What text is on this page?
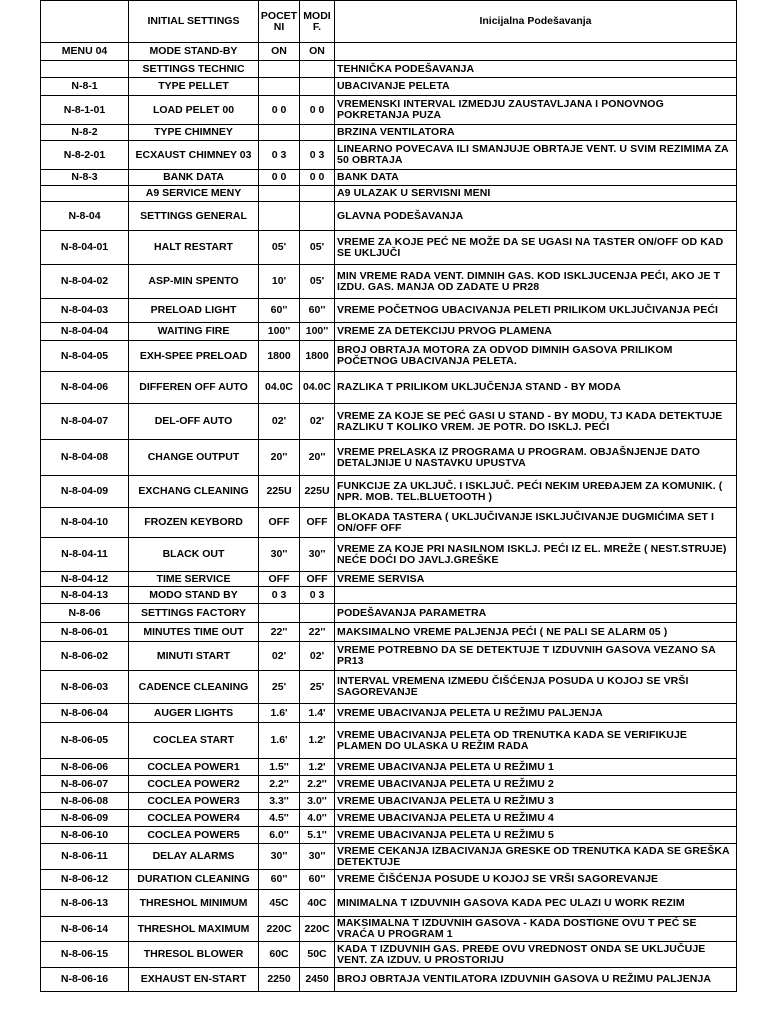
	INITIAL SETTINGS	POCETNI	MODIF.	Inicijalna Podešavanja
MENU 04	MODE STAND-BY	ON	ON	
	SETTINGS TECHNIC			TEHNIČKA PODEŠAVANJA
N-8-1	TYPE PELLET			UBACIVANJE PELETA
N-8-1-01	LOAD PELET 00	0 0	0 0	VREMENSKI INTERVAL IZMEDJU ZAUSTAVLJANA I PONOVNOG POKRETANJA PUZA
N-8-2	TYPE CHIMNEY			BRZINA VENTILATORA
N-8-2-01	ECXAUST CHIMNEY 03	0 3	0 3	LINEARNO POVECAVA ILI SMANJUJE OBRTAJE VENT. U SVIM REZIMIMA ZA 50 OBRTAJA
N-8-3	BANK DATA	0 0	0 0	BANK DATA
	A9 SERVICE MENY			A9 ULAZAK U SERVISNI MENI
N-8-04	SETTINGS GENERAL			GLAVNA PODEŠAVANJA
N-8-04-01	HALT RESTART	05'	05'	VREME ZA KOJE PEĆ NE MOŽE DA SE UGASI NA TASTER ON/OFF OD KAD SE UKLJUČI
N-8-04-02	ASP-MIN SPENTO	10'	05'	MIN VREME RADA VENT. DIMNIH GAS. KOD ISKLJUCENJA PEĆI, AKO JE T IZDU. GAS. MANJA OD ZADATE U PR28
N-8-04-03	PRELOAD LIGHT	60''	60''	VREME POČETNOG UBACIVANJA PELETI PRILIKOM UKLJUČIVANJA PEĆI
N-8-04-04	WAITING FIRE	100''	100''	VREME ZA DETEKCIJU PRVOG PLAMENA
N-8-04-05	EXH-SPEE PRELOAD	1800	1800	BROJ OBRTAJA MOTORA ZA ODVOD DIMNIH GASOVA PRILIKOM POČETNOG UBACIVANJA PELETA.
N-8-04-06	DIFFEREN OFF AUTO	04.0C	04.0C	RAZLIKA T PRILIKOM UKLJUČENJA STAND - BY MODA
N-8-04-07	DEL-OFF AUTO	02'	02'	VREME ZA KOJE SE PEĆ GASI U STAND - BY MODU, TJ KADA DETEKTUJE RAZLIKU T KOLIKO VREM. JE POTR. DO ISKLJ. PEĆI
N-8-04-08	CHANGE OUTPUT	20''	20''	VREME PRELASKA IZ PROGRAMA U PROGRAM. OBJAŠNJENJE DATO DETALJNIJE U NASTAVKU UPUSTVA
N-8-04-09	EXCHANG CLEANING	225U	225U	FUNKCIJE ZA UKLJUČ. I ISKLJUČ. PEĆI NEKIM UREĐAJEM ZA KOMUNIK. ( NPR. MOB. TEL.BLUETOOTH )
N-8-04-10	FROZEN KEYBORD	OFF	OFF	BLOKADA TASTERA ( UKLJUČIVANJE ISKLJUČIVANJE DUGMIĆIMA SET I ON/OFF OFF
N-8-04-11	BLACK OUT	30''	30''	VREME ZA KOJE PRI NASILNOM ISKLJ. PEĆI IZ EL. MREŽE ( NEST.STRUJE) NEĆE DOĆI DO JAVLJ.GREŠKE
N-8-04-12	TIME SERVICE	OFF	OFF	VREME SERVISA
N-8-04-13	MODO STAND BY	0 3	0 3	
N-8-06	SETTINGS FACTORY			PODEŠAVANJA PARAMETRA
N-8-06-01	MINUTES TIME OUT	22''	22''	MAKSIMALNO VREME PALJENJA PEĆI ( NE PALI SE ALARM 05 )
N-8-06-02	MINUTI START	02'	02'	VREME POTREBNO DA SE DETEKTUJE T IZDUVNIH GASOVA VEZANO SA PR13
N-8-06-03	CADENCE CLEANING	25'	25'	INTERVAL VREMENA IZMEĐU ČIŠĆENJA POSUDA U KOJOJ SE VRŠI SAGOREVANJE
N-8-06-04	AUGER LIGHTS	1.6'	1.4'	VREME UBACIVANJA PELETA U REŽIMU PALJENJA
N-8-06-05	COCLEA START	1.6'	1.2'	VREME UBACIVANJA PELETA OD TRENUTKA KADA SE VERIFIKUJE PLAMEN DO ULASKA U REŽIM RADA
N-8-06-06	COCLEA POWER1	1.5''	1.2'	VREME UBACIVANJA PELETA U REŽIMU 1
N-8-06-07	COCLEA POWER2	2.2''	2.2''	VREME UBACIVANJA PELETA U REŽIMU 2
N-8-06-08	COCLEA POWER3	3.3''	3.0''	VREME UBACIVANJA PELETA U REŽIMU 3
N-8-06-09	COCLEA POWER4	4.5''	4.0''	VREME UBACIVANJA PELETA U REŽIMU 4
N-8-06-10	COCLEA POWER5	6.0''	5.1''	VREME UBACIVANJA PELETA U REŽIMU 5
N-8-06-11	DELAY ALARMS	30''	30''	VREME CEKANJA IZBACIVANJA GRESKE OD TRENUTKA KADA SE GREŠKA DETEKTUJE
N-8-06-12	DURATION CLEANING	60''	60''	VREME ČIŠĆENJA POSUDE U KOJOJ SE VRŠI SAGOREVANJE
N-8-06-13	THRESHOL MINIMUM	45C	40C	MINIMALNA T IZDUVNIH GASOVA KADA PEC ULAZI U WORK REZIM
N-8-06-14	THRESHOL MAXIMUM	220C	220C	MAKSIMALNA T IZDUVNIH GASOVA - KADA DOSTIGNE OVU T PEĆ SE VRAĆA U PROGRAM 1
N-8-06-15	THRESOL BLOWER	60C	50C	KADA T IZDUVNIH GAS. PREĐE OVU VREDNOST ONDA SE UKLJUČUJE VENT. ZA IZDUV. U PROSTORIJU
N-8-06-16	EXHAUST EN-START	2250	2450	BROJ OBRTAJA VENTILATORA IZDUVNIH GASOVA U REŽIMU PALJENJA
